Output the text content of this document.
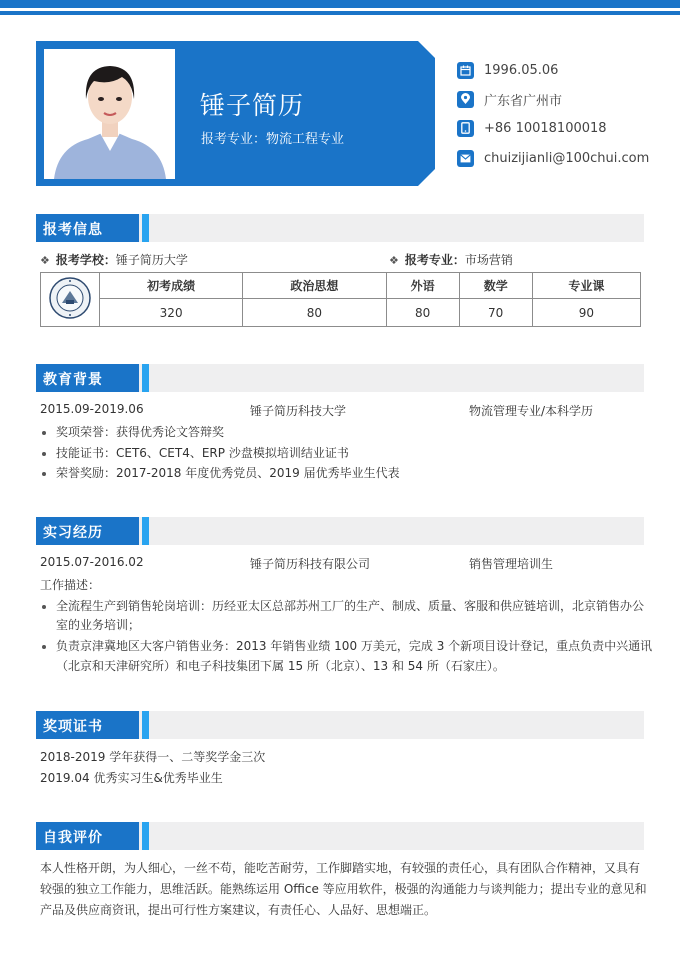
锤子简历
报考专业：物流工程专业
1996.05.06
广东省广州市
+86 10018100018
chuizijianli@100chui.com
报考信息
❖ 报考学校：锤子简历大学	❖ 报考专业：市场营销
	初考成绩	政治思想	外语	数学	专业课
	320	80	80	70	90
教育背景
2015.09-2019.06	锤子简历科技大学	物流管理专业/本科学历
奖项荣誉：获得优秀论文答辩奖
技能证书：CET6、CET4、ERP 沙盘模拟培训结业证书
荣誉奖励：2017-2018 年度优秀党员、2019 届优秀毕业生代表
实习经历
2015.07-2016.02	锤子简历科技有限公司	销售管理培训生
工作描述：
全流程生产到销售轮岗培训：历经亚太区总部苏州工厂的生产、制成、质量、客服和供应链培训，北京销售办公
室的业务培训；
负责京津冀地区大客户销售业务：2013 年销售业绩 100 万美元，完成 3 个新项目设计登记，重点负责中兴通讯
（北京和天津研究所）和电子科技集团下属 15 所（北京）、13 和 54 所（石家庄）。
奖项证书
2018-2019 学年获得一、二等奖学金三次
2019.04 优秀实习生&优秀毕业生
自我评价
本人性格开朗，为人细心，一丝不苟，能吃苦耐劳，工作脚踏实地，有较强的责任心，具有团队合作精神，又具有
较强的独立工作能力，思维活跃。能熟练运用 Office 等应用软件，极强的沟通能力与谈判能力；提出专业的意见和
产品及供应商资讯，提出可行性方案建议，有责任心、人品好、思想端正。
